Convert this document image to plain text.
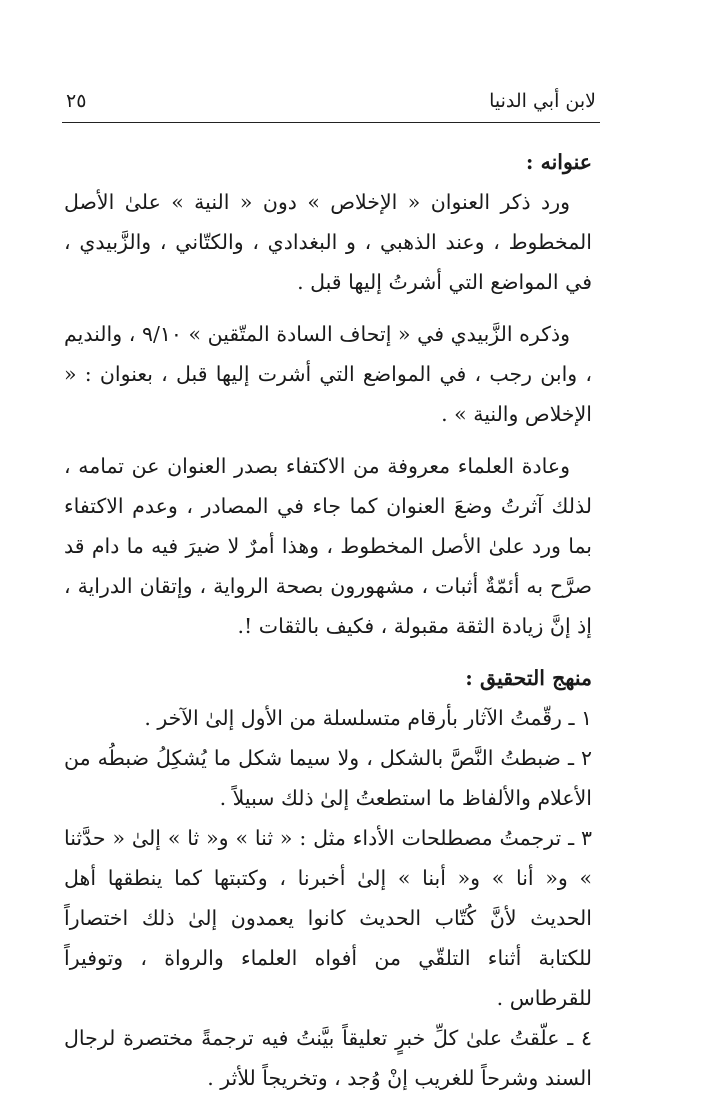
٢٥	لابن أبي الدنيا

عنوانه :

ورد ذكر العنوان « الإخلاص » دون « النية » علىٰ الأصل المخطوط ، وعند الذهبي ، و البغدادي ، والكتّاني ، والزَّبيدي ، في المواضع التي أشرتُ إليها قبل .

وذكره الزَّبيدي في « إتحاف السادة المتّقين » ٩/١٠ ، والنديم ، وابن رجب ، في المواضع التي أشرت إليها قبل ، بعنوان : « الإخلاص والنية » .

وعادة العلماء معروفة من الاكتفاء بصدر العنوان عن تمامه ، لذلك آثرتُ وضعَ العنوان كما جاء في المصادر ، وعدم الاكتفاء بما ورد علىٰ الأصل المخطوط ، وهذا أمرٌ لا ضيرَ فيه ما دام قد صرَّح به أئمّةٌ أثبات ، مشهورون بصحة الرواية ، وإتقان الدراية ، إذ إنَّ زيادة الثقة مقبولة ، فكيف بالثقات !.

منهج التحقيق :

١ ـ رقّمتُ الآثار بأرقام متسلسلة من الأول إلىٰ الآخر .

٢ ـ ضبطتُ النَّصَّ بالشكل ، ولا سيما شكل ما يُشكِلُ ضبطُه من الأعلام والألفاظ ما استطعتُ إلىٰ ذلك سبيلاً .

٣ ـ ترجمتُ مصطلحات الأداء مثل : « ثنا » و« ثا » إلىٰ « حدَّثنا » و« أنا » و« أبنا » إلىٰ أخبرنا ، وكتبتها كما ينطقها أهل الحديث لأنَّ كُتّاب الحديث كانوا يعمدون إلىٰ ذلك اختصاراً للكتابة أثناء التلقّي من أفواه العلماء والرواة ، وتوفيراً للقرطاس .

٤ ـ علّقتُ علىٰ كلِّ خبرٍ تعليقاً بيَّنتُ فيه ترجمةً مختصرة لرجال السند وشرحاً للغريب إنْ وُجد ، وتخريجاً للأثر .
